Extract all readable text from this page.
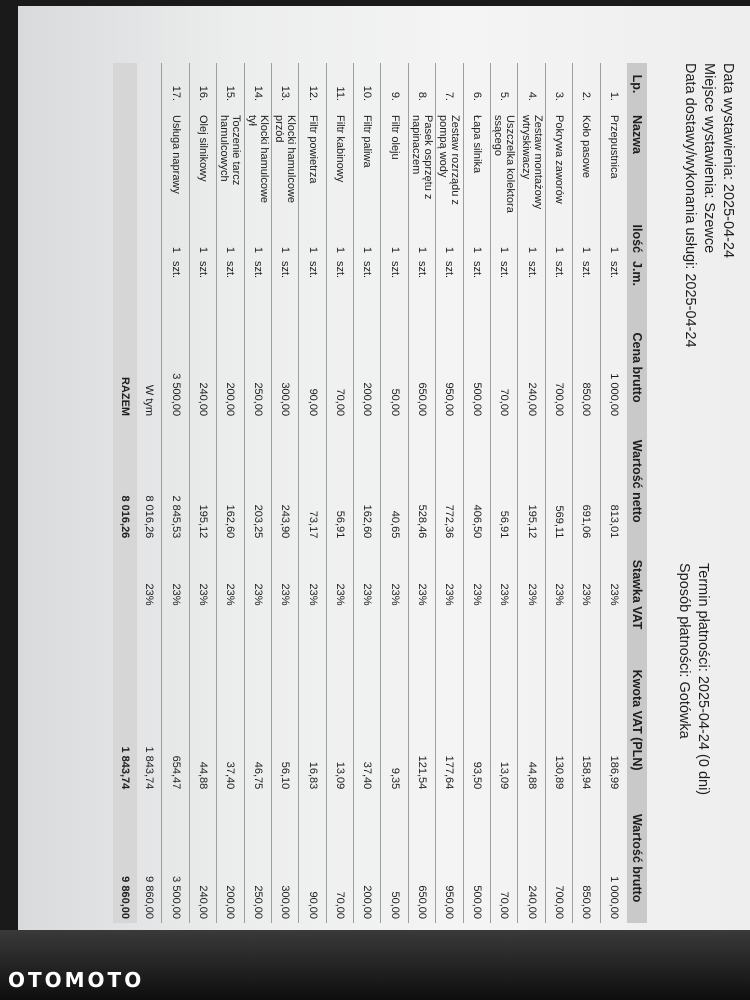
Data wystawienia: 2025-04-24
Miejsce wystawienia: Szewce
Data dostawy/wykonania usługi: 2025-04-24
Termin płatności: 2025-04-24 (0 dni)
Sposób płatności: Gotówka
Lp.	Nazwa	Ilość	J.m.	Cena brutto	Wartość netto	Stawka VAT	Kwota VAT (PLN)	Wartość brutto
1.	Przepustnica	1	szt.	1 000,00	813,01	23%	186,99	1 000,00
2.	Koło pasowe	1	szt.	850,00	691,06	23%	158,94	850,00
3.	Pokrywa zaworów	1	szt.	700,00	569,11	23%	130,89	700,00
4.	Zestaw montażowy wtryskiwaczy	1	szt.	240,00	195,12	23%	44,88	240,00
5.	Uszczelka kolektora ssącego	1	szt.	70,00	56,91	23%	13,09	70,00
6.	Łapa silnika	1	szt.	500,00	406,50	23%	93,50	500,00
7.	Zestaw rozrządu z pompą wody	1	szt.	950,00	772,36	23%	177,64	950,00
8.	Pasek osprzętu z napinaczem	1	szt.	650,00	528,46	23%	121,54	650,00
9.	Filtr oleju	1	szt.	50,00	40,65	23%	9,35	50,00
10.	Filtr paliwa	1	szt.	200,00	162,60	23%	37,40	200,00
11.	Filtr kabinowy	1	szt.	70,00	56,91	23%	13,09	70,00
12.	Filtr powietrza	1	szt.	90,00	73,17	23%	16,83	90,00
13.	Klocki hamulcowe przód	1	szt.	300,00	243,90	23%	56,10	300,00
14.	Klocki hamulcowe tył	1	szt.	250,00	203,25	23%	46,75	250,00
15.	Toczenie tarcz hamulcowych	1	szt.	200,00	162,60	23%	37,40	200,00
16.	Olej silnikowy	1	szt.	240,00	195,12	23%	44,88	240,00
17.	Usługa naprawy	1	szt.	3 500,00	2 845,53	23%	654,47	3 500,00
W tym					8 016,26	23%	1 843,74	9 860,00
RAZEM					8 016,26		1 843,74	9 860,00
OTOMOTO
